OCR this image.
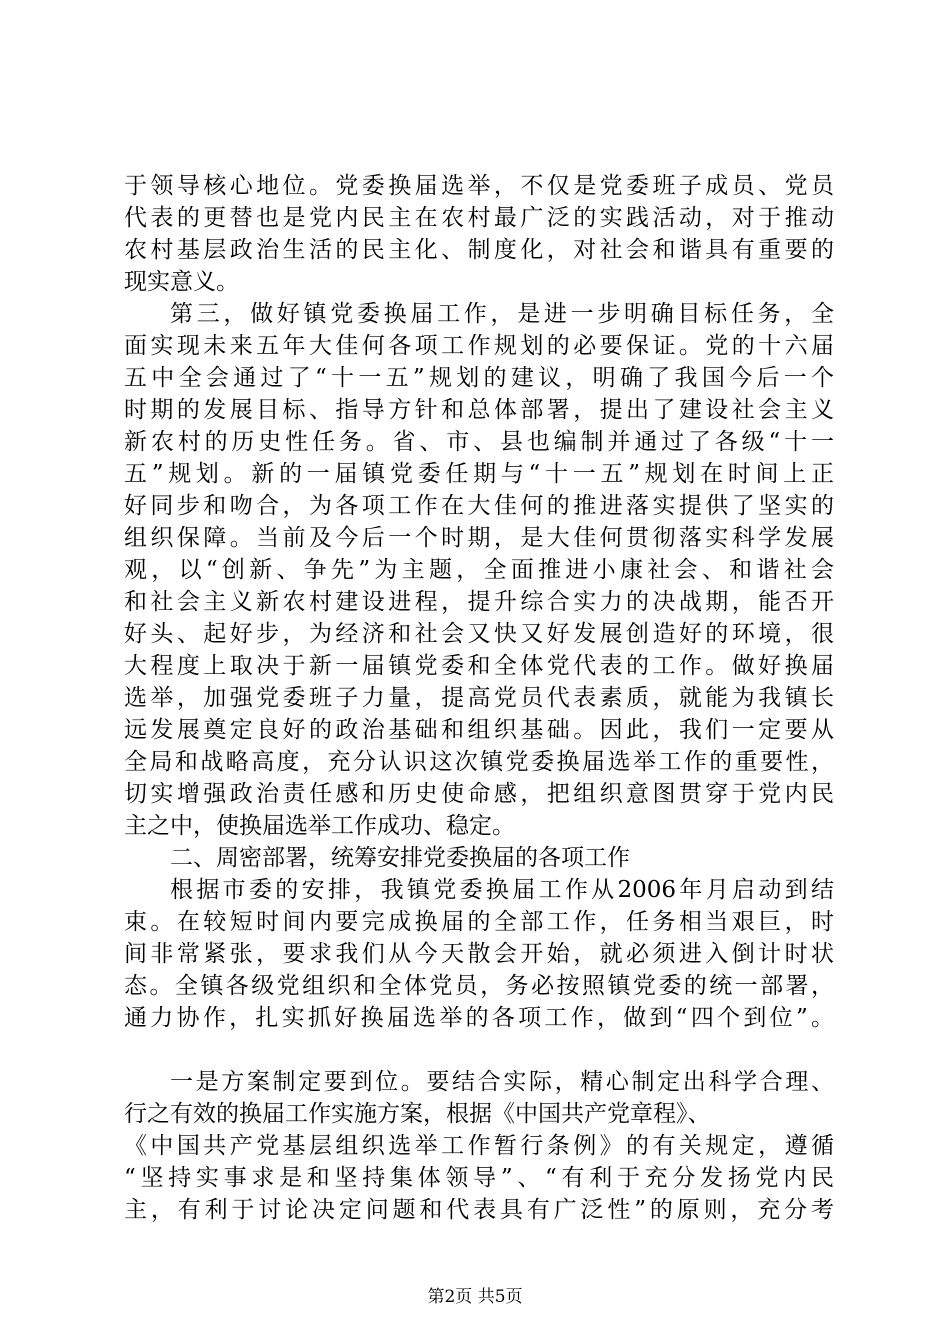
于领导核心地位。党委换届选举，不仅是党委班子成员、党员
代表的更替也是党内民主在农村最广泛的实践活动，对于推动
农村基层政治生活的民主化、制度化，对社会和谐具有重要的
现实意义。
第三，做好镇党委换届工作，是进一步明确目标任务，全
面实现未来五年大佳何各项工作规划的必要保证。党的十六届
五中全会通过了“十一五”规划的建议，明确了我国今后一个
时期的发展目标、指导方针和总体部署，提出了建设社会主义
新农村的历史性任务。省、市、县也编制并通过了各级“十一
五”规划。新的一届镇党委任期与“十一五”规划在时间上正
好同步和吻合，为各项工作在大佳何的推进落实提供了坚实的
组织保障。当前及今后一个时期，是大佳何贯彻落实科学发展
观，以“创新、争先”为主题，全面推进小康社会、和谐社会
和社会主义新农村建设进程，提升综合实力的决战期，能否开
好头、起好步，为经济和社会又快又好发展创造好的环境，很
大程度上取决于新一届镇党委和全体党代表的工作。做好换届
选举，加强党委班子力量，提高党员代表素质，就能为我镇长
远发展奠定良好的政治基础和组织基础。因此，我们一定要从
全局和战略高度，充分认识这次镇党委换届选举工作的重要性，
切实增强政治责任感和历史使命感，把组织意图贯穿于党内民
主之中，使换届选举工作成功、稳定。
二、周密部署，统筹安排党委换届的各项工作
根据市委的安排，我镇党委换届工作从2006年月启动到结
束。在较短时间内要完成换届的全部工作，任务相当艰巨，时
间非常紧张，要求我们从今天散会开始，就必须进入倒计时状
态。全镇各级党组织和全体党员，务必按照镇党委的统一部署，
通力协作，扎实抓好换届选举的各项工作，做到“四个到位”。
一是方案制定要到位。要结合实际，精心制定出科学合理、
行之有效的换届工作实施方案，根据《中国共产党章程》、
《中国共产党基层组织选举工作暂行条例》的有关规定，遵循
“坚持实事求是和坚持集体领导”、“有利于充分发扬党内民
主，有利于讨论决定问题和代表具有广泛性”的原则，充分考
第2页 共5页
